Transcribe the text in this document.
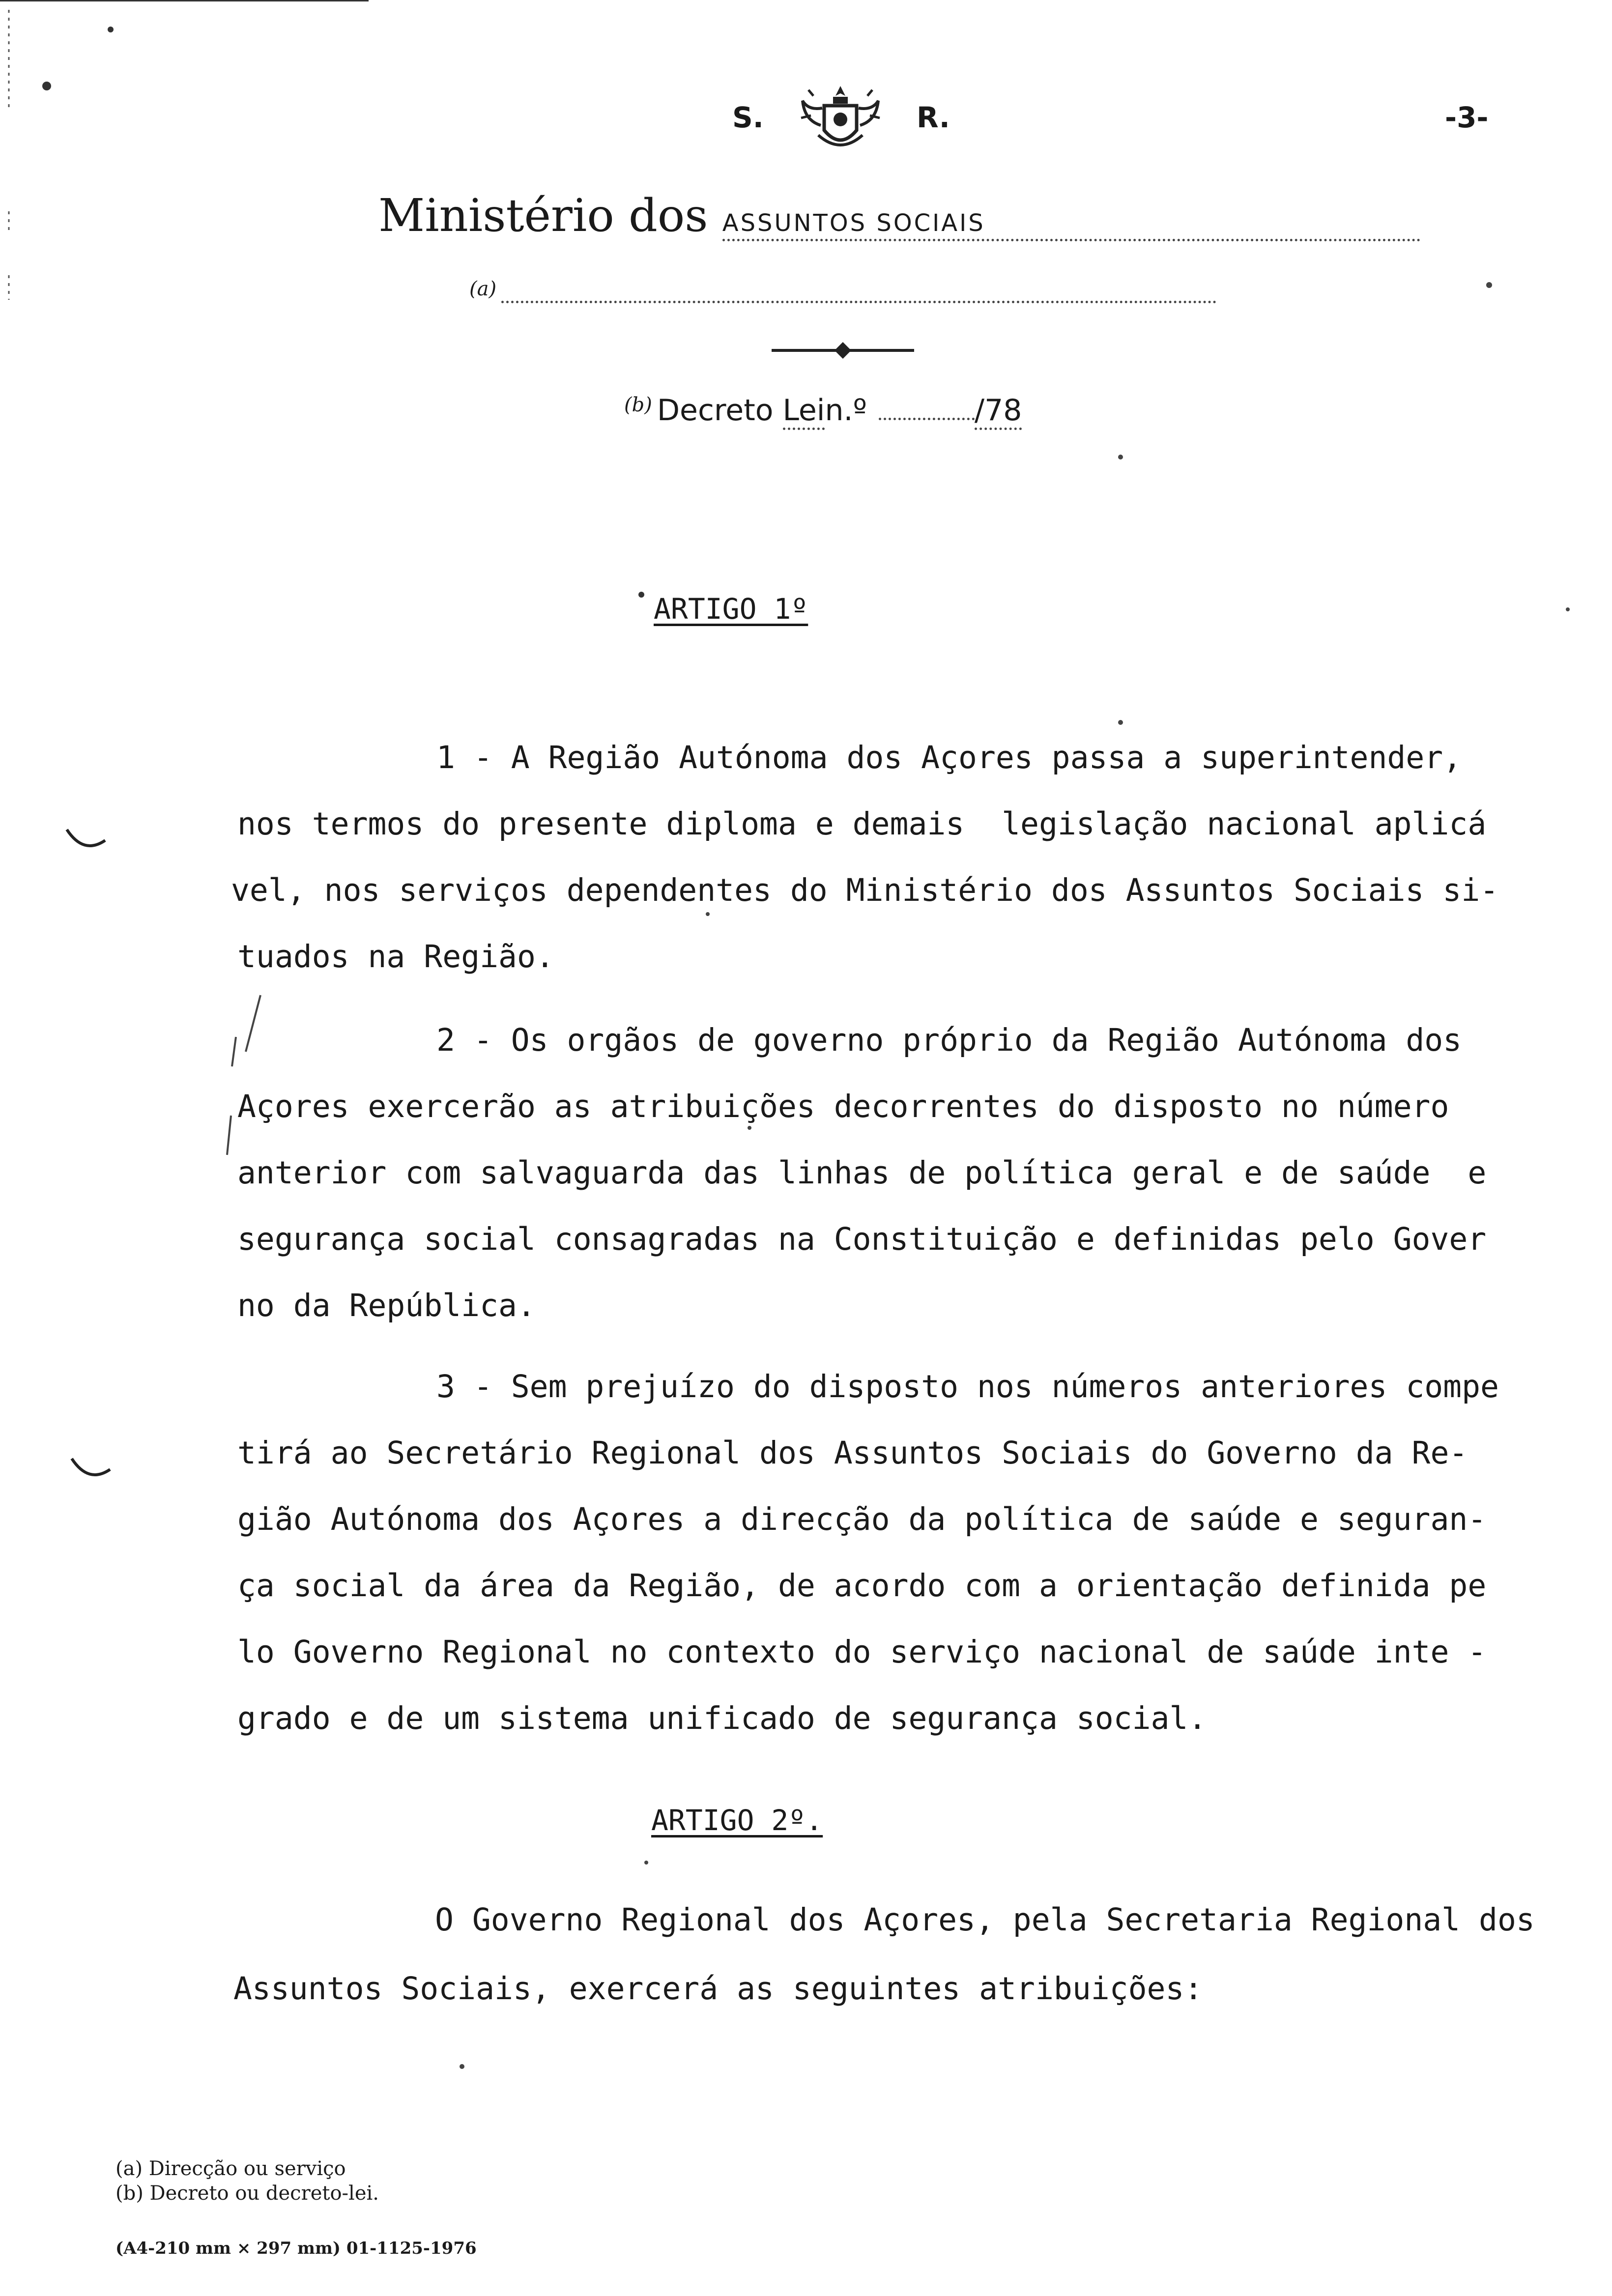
S.	R.	-3-
Ministério dos ASSUNTOS SOCIAIS
(a)
$^{(b)}$ Decreto Lein.º	/78
ARTIGO 1º
1 - A Região Autónoma dos Açores passa a superintender,
nos termos do presente diploma e demais  legislação nacional aplicá
vel, nos serviços dependentes do Ministério dos Assuntos Sociais si-
tuados na Região.
2 - Os orgãos de governo próprio da Região Autónoma dos
Açores exercerão as atribuições decorrentes do disposto no número
anterior com salvaguarda das linhas de política geral e de saúde  e
segurança social consagradas na Constituição e definidas pelo Gover
no da República.
3 - Sem prejuízo do disposto nos números anteriores compe
tirá ao Secretário Regional dos Assuntos Sociais do Governo da Re-
gião Autónoma dos Açores a direcção da política de saúde e seguran-
ça social da área da Região, de acordo com a orientação definida pe
lo Governo Regional no contexto do serviço nacional de saúde inte -
grado e de um sistema unificado de segurança social.
ARTIGO 2º.
O Governo Regional dos Açores, pela Secretaria Regional dos
Assuntos Sociais, exercerá as seguintes atribuições:
(a) Direcção ou serviço
(b) Decreto ou decreto-lei.
(A4-210 mm × 297 mm) 01-1125-1976
